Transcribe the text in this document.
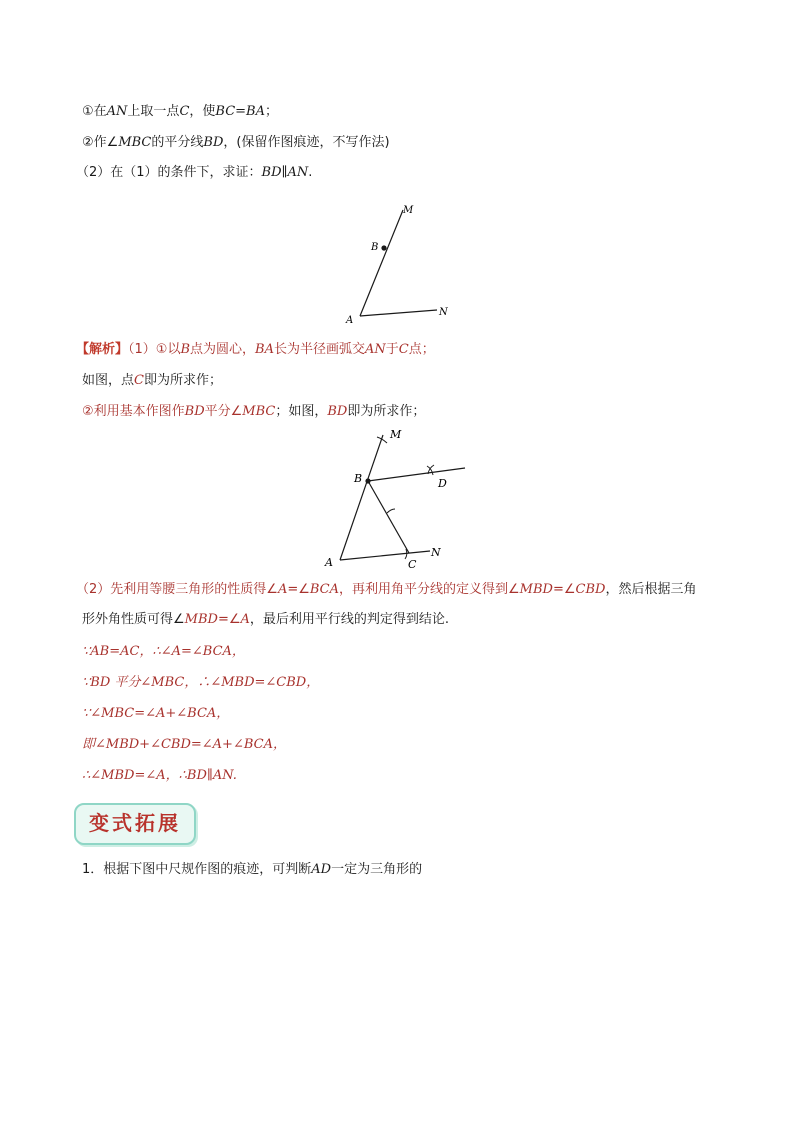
①在AN上取一点C，使BC=BA；
②作∠MBC的平分线BD，(保留作图痕迹，不写作法)
（2）在（1）的条件下，求证：BD∥AN.
M
B
A
N
【解析】（1）①以B点为圆心，BA长为半径画弧交AN于C点；
如图，点C即为所求作；
②利用基本作图作BD平分∠MBC；如图，BD即为所求作；
M
B	D
A	C
N
（2）先利用等腰三角形的性质得∠A=∠BCA，再利用角平分线的定义得到∠MBD=∠CBD，然后根据三角
形外角性质可得∠MBD=∠A，最后利用平行线的判定得到结论.
∵AB=AC，∴∠A=∠BCA，
∵BD 平分∠MBC，∴∠MBD=∠CBD，
∵∠MBC=∠A+∠BCA，
即∠MBD+∠CBD=∠A+∠BCA，
∴∠MBD=∠A，∴BD∥AN.
变式拓展
1．根据下图中尺规作图的痕迹，可判断AD一定为三角形的
